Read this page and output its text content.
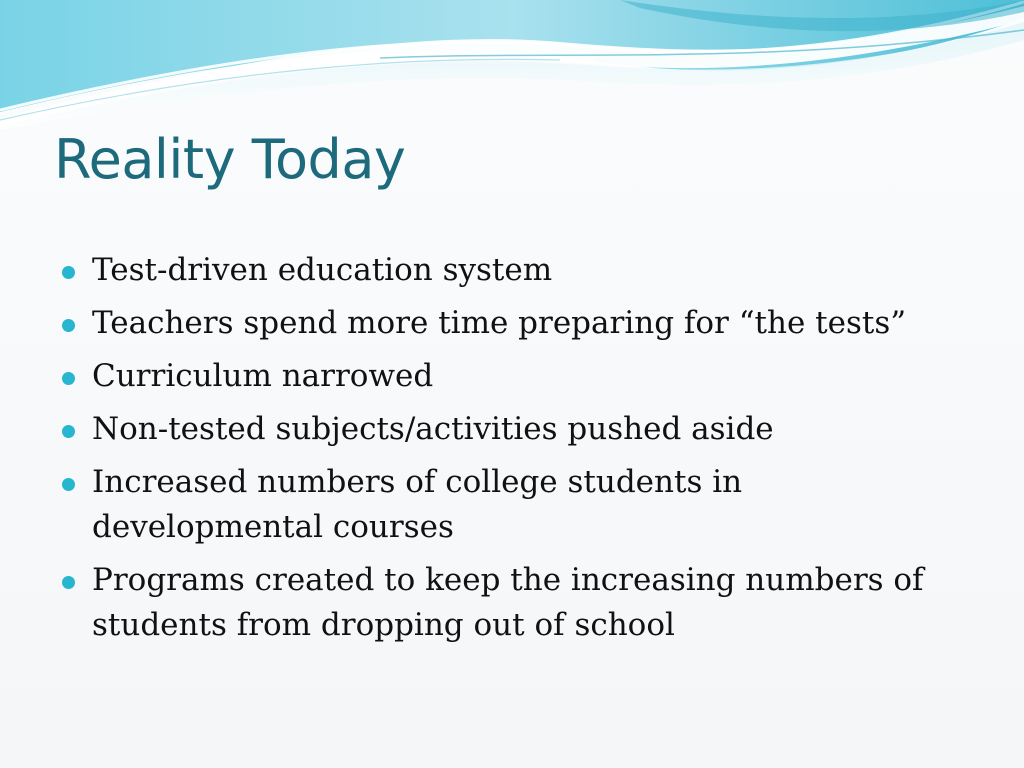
Reality Today
Test-driven education system
Teachers spend more time preparing for “the tests”
Curriculum narrowed
Non-tested subjects/activities pushed aside
Increased numbers of college students in developmental courses
Programs created to keep the increasing numbers of students from dropping out of school
